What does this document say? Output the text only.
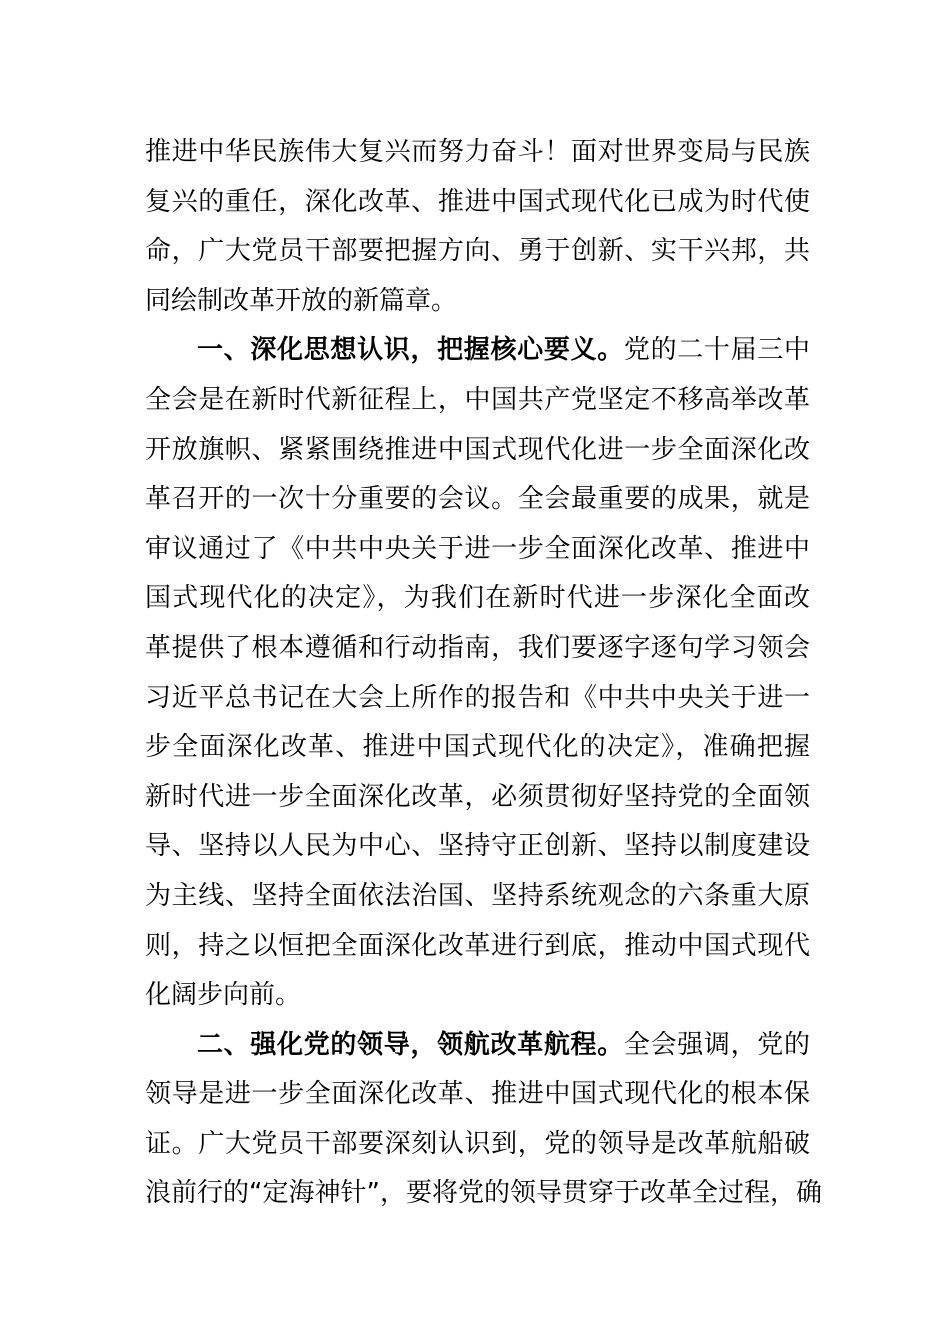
推进中华民族伟大复兴而努力奋斗！面对世界变局与民族
复兴的重任，深化改革、推进中国式现代化已成为时代使
命，广大党员干部要把握方向、勇于创新、实干兴邦，共
同绘制改革开放的新篇章。
一、深化思想认识，把握核心要义。党的二十届三中
全会是在新时代新征程上，中国共产党坚定不移高举改革
开放旗帜、紧紧围绕推进中国式现代化进一步全面深化改
革召开的一次十分重要的会议。全会最重要的成果，就是
审议通过了《中共中央关于进一步全面深化改革、推进中
国式现代化的决定》，为我们在新时代进一步深化全面改
革提供了根本遵循和行动指南，我们要逐字逐句学习领会
习近平总书记在大会上所作的报告和《中共中央关于进一
步全面深化改革、推进中国式现代化的决定》，准确把握
新时代进一步全面深化改革，必须贯彻好坚持党的全面领
导、坚持以人民为中心、坚持守正创新、坚持以制度建设
为主线、坚持全面依法治国、坚持系统观念的六条重大原
则，持之以恒把全面深化改革进行到底，推动中国式现代
化阔步向前。
二、强化党的领导，领航改革航程。全会强调，党的
领导是进一步全面深化改革、推进中国式现代化的根本保
证。广大党员干部要深刻认识到，党的领导是改革航船破
浪前行的“定海神针”，要将党的领导贯穿于改革全过程，确
